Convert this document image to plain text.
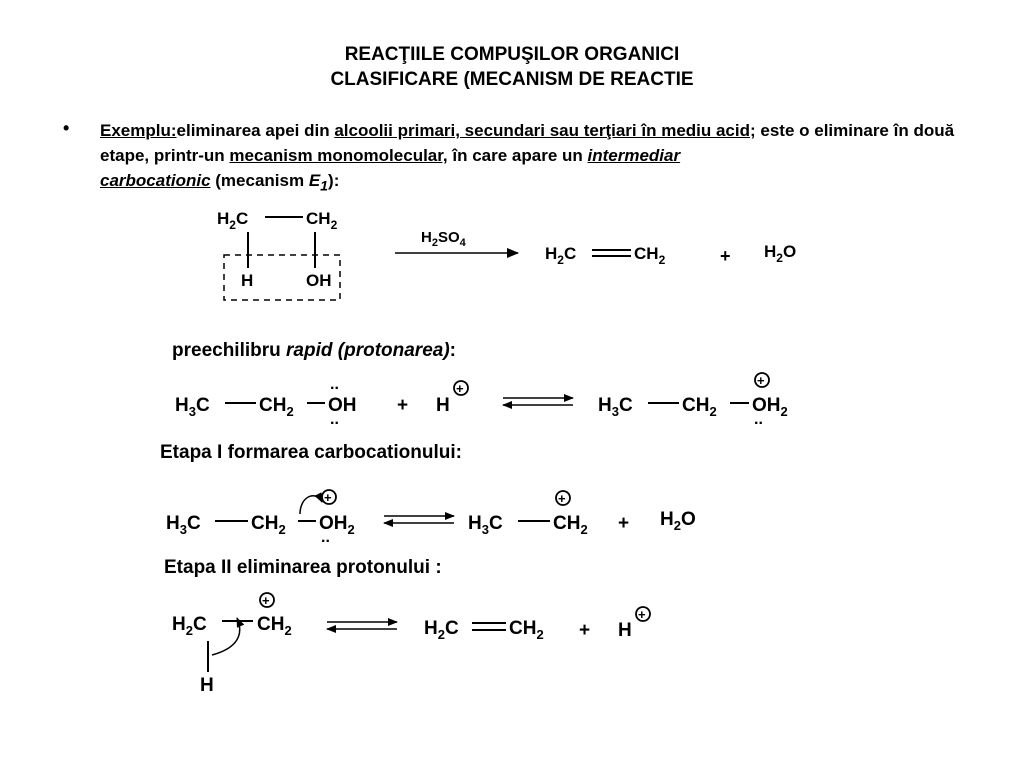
REACŢIILE COMPUŞILOR ORGANICI
CLASIFICARE (MECANISM DE REACTIE
• Exemplu:eliminarea apei din alcoolii primari, secundari sau terţiari în mediu acid; este o eliminare în două etape, printr-un mecanism monomolecular, în care apare un intermediar
carbocationic (mecanism $E_1$):
preechilibru rapid (protonarea):
Etapa I formarea carbocationului:
Etapa II eliminarea protonului :
$H_2C$	$CH_2$
H	OH
$H_2SO_4$
$H_2C$	$CH_2$	+ $H_2O$
$H_3C$	$CH_2$ OH
..
..
+ H
+
$H_3C$	$CH_2$ $OH_2$
+
..
$H_3C$	$CH_2$ $OH_2$
+
..
$H_3C$	$CH_2$
+
+ $H_2O$
$H_2C$	$CH_2$
+
H
$H_2C$	$CH_2 + H$
+
